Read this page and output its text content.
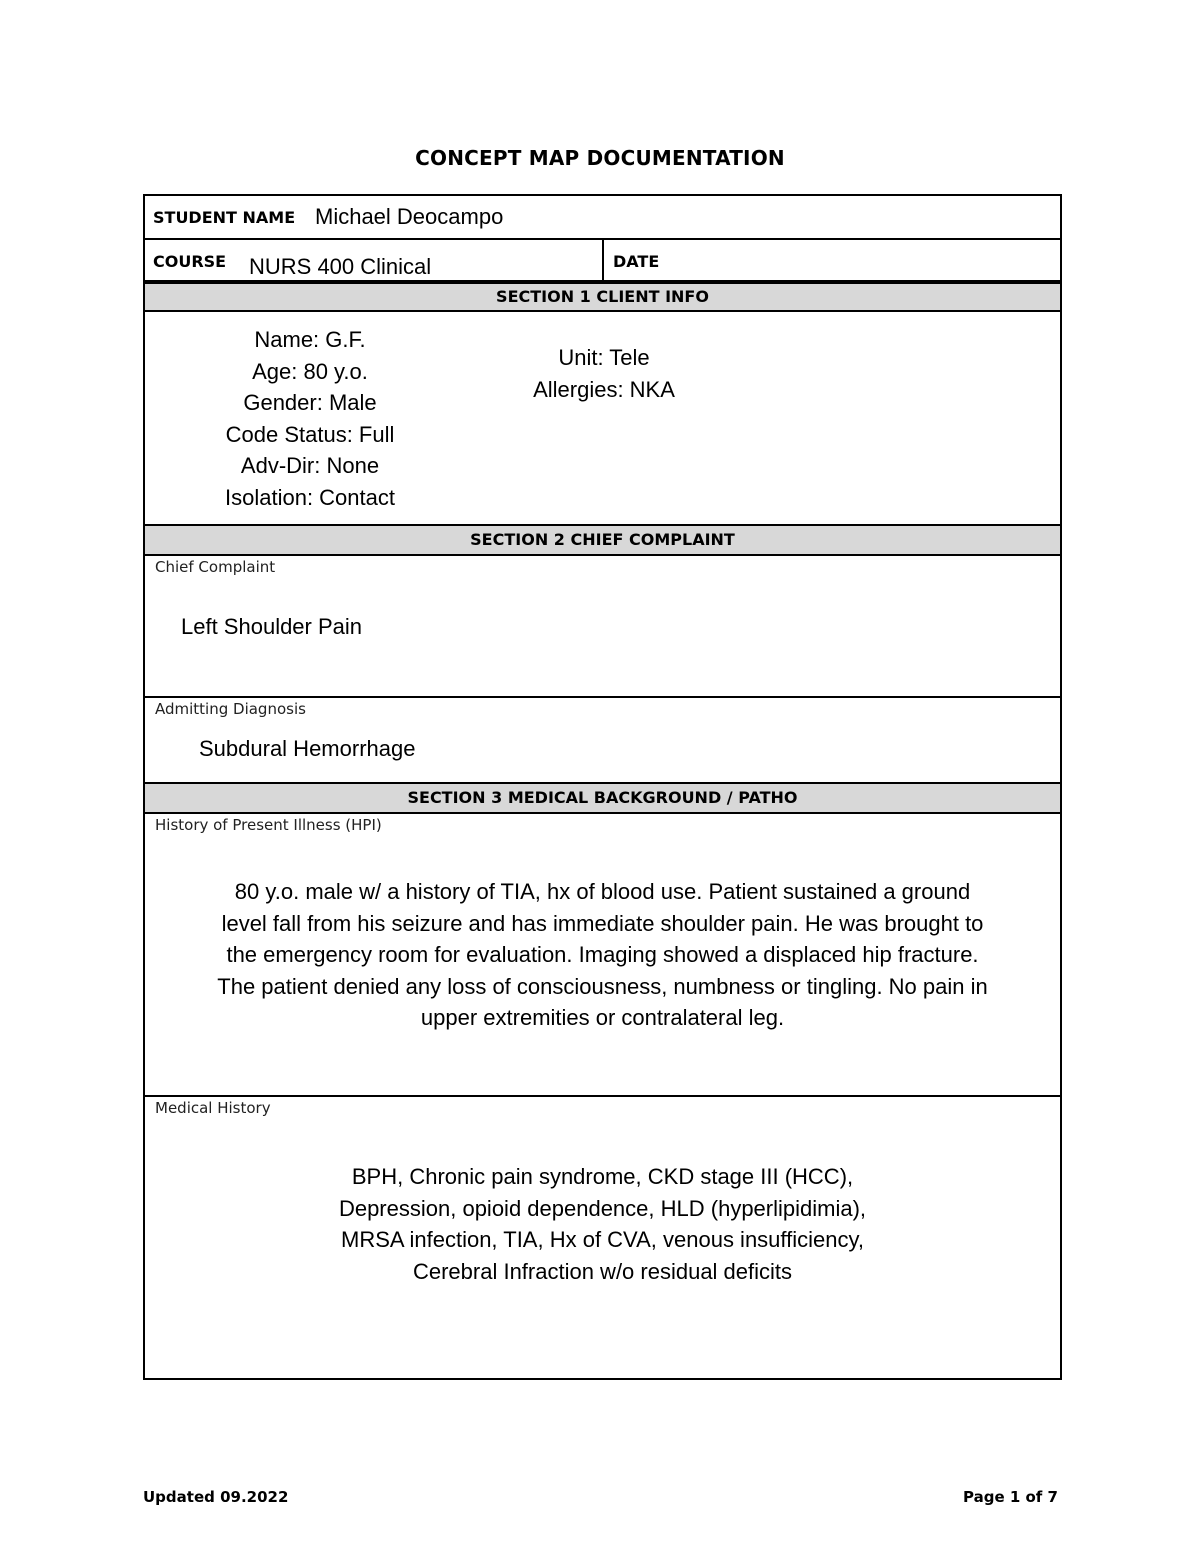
CONCEPT MAP DOCUMENTATION
STUDENT NAME Michael Deocampo
COURSE NURS 400 Clinical	DATE
SECTION 1 CLIENT INFO
Name: G.F.
Age: 80 y.o.
Gender: Male
Code Status: Full
Adv-Dir: None
Isolation: Contact
Unit: Tele
Allergies: NKA
SECTION 2 CHIEF COMPLAINT
Chief Complaint
Left Shoulder Pain
Admitting Diagnosis
Subdural Hemorrhage
SECTION 3 MEDICAL BACKGROUND / PATHO
History of Present Illness (HPI)
80 y.o. male w/ a history of TIA, hx of blood use. Patient sustained a ground
level fall from his seizure and has immediate shoulder pain. He was brought to
the emergency room for evaluation. Imaging showed a displaced hip fracture.
The patient denied any loss of consciousness, numbness or tingling. No pain in
upper extremities or contralateral leg.
Medical History
BPH, Chronic pain syndrome, CKD stage III (HCC),
Depression, opioid dependence, HLD (hyperlipidimia),
MRSA infection, TIA, Hx of CVA, venous insufficiency,
Cerebral Infraction w/o residual deficits
Updated 09.2022	Page 1 of 7
